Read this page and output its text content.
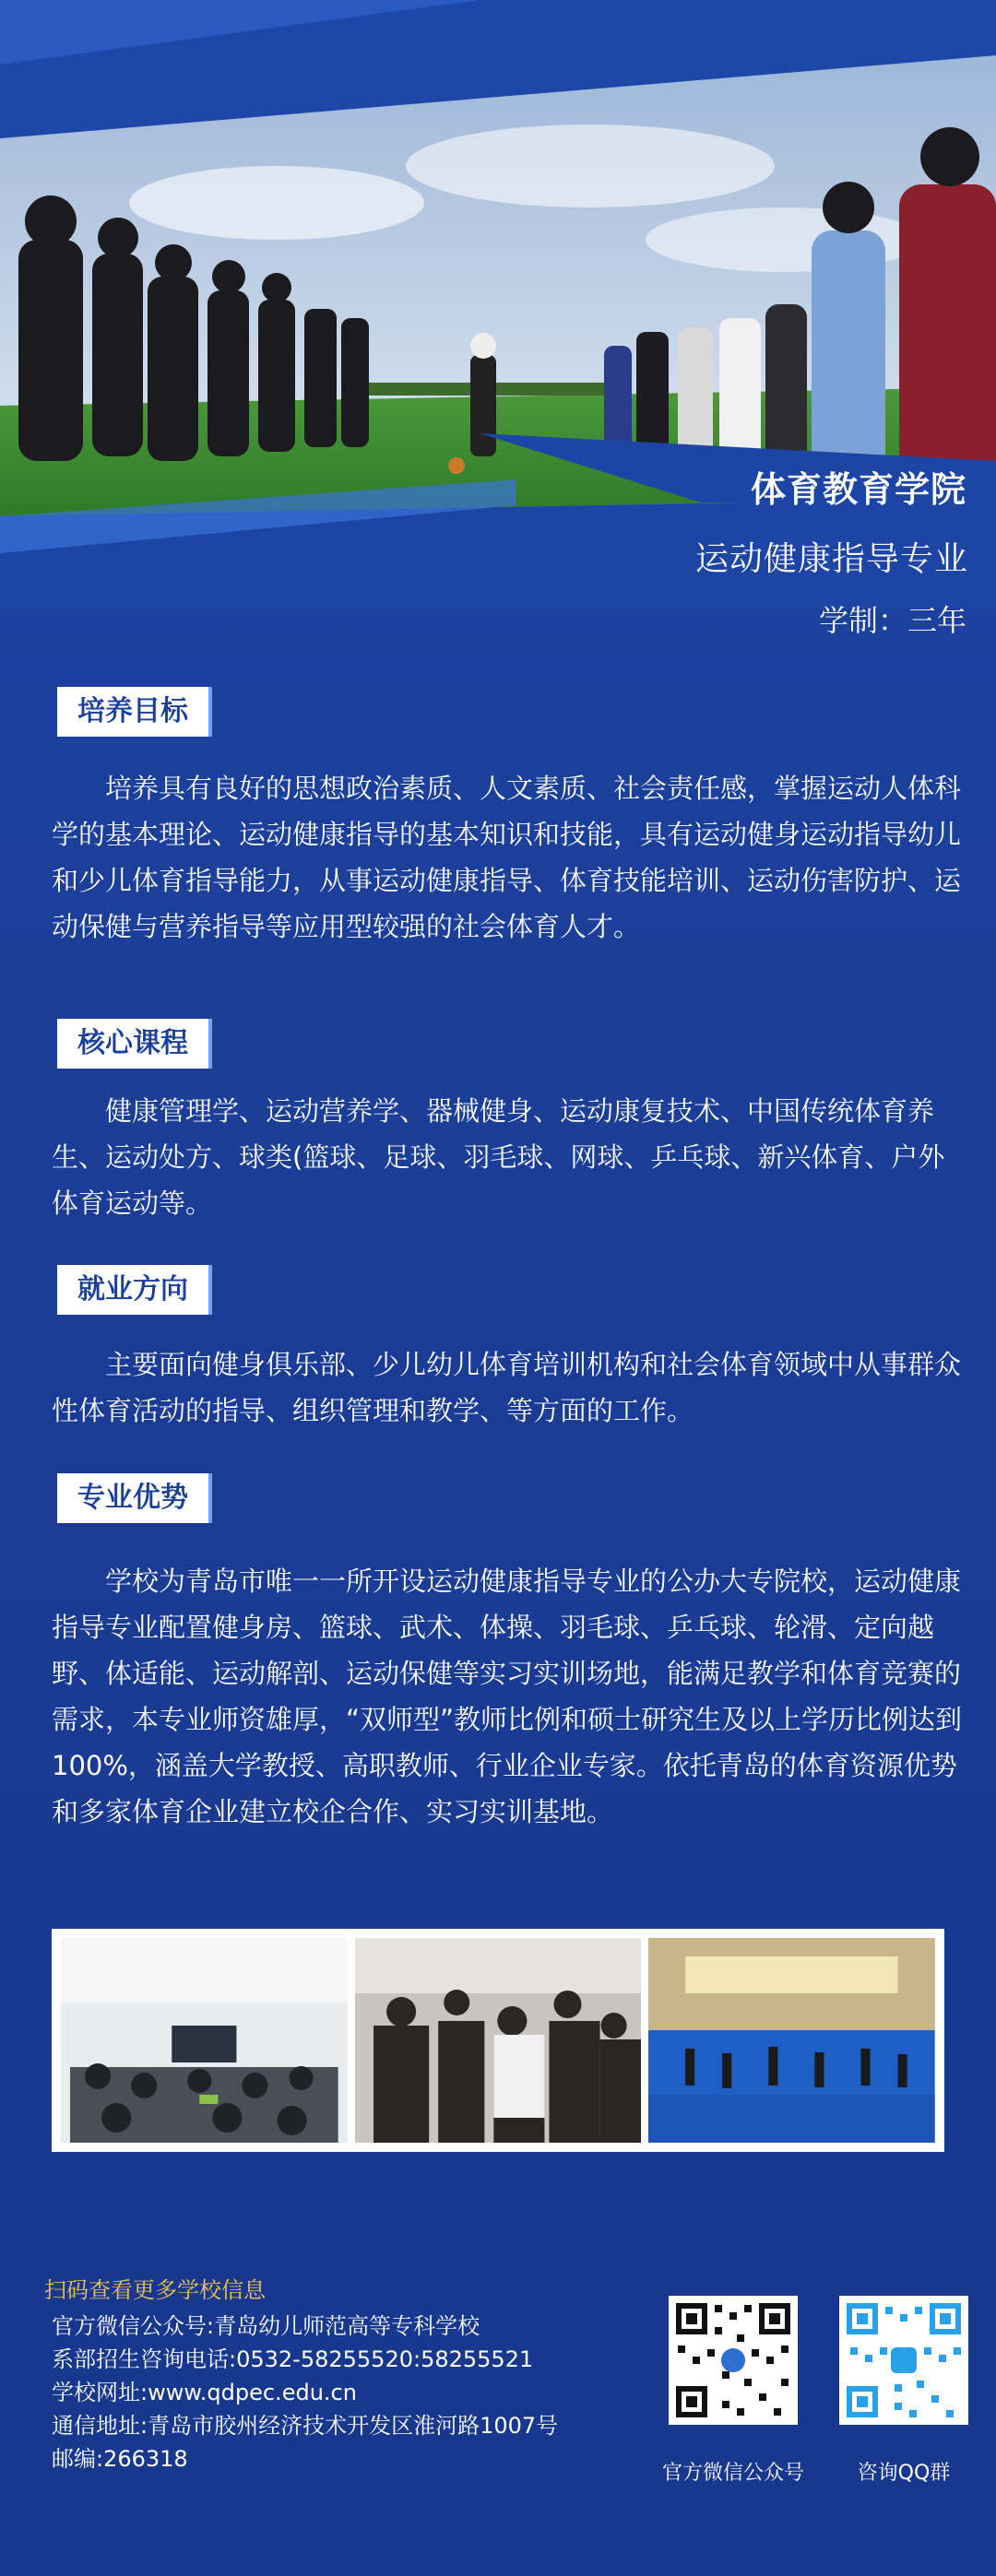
体育教育学院
运动健康指导专业
学制：三年
培养目标

培养具有良好的思想政治素质、人文素质、社会责任感，掌握运动人体科学的基本理论、运动健康指导的基本知识和技能，具有运动健身运动指导幼儿和少儿体育指导能力，从事运动健康指导、体育技能培训、运动伤害防护、运动保健与营养指导等应用型较强的社会体育人才。

核心课程

健康管理学、运动营养学、器械健身、运动康复技术、中国传统体育养生、运动处方、球类(篮球、足球、羽毛球、网球、乒乓球、新兴体育、户外体育运动等。

就业方向

主要面向健身俱乐部、少儿幼儿体育培训机构和社会体育领域中从事群众性体育活动的指导、组织管理和教学、等方面的工作。

专业优势

学校为青岛市唯一一所开设运动健康指导专业的公办大专院校，运动健康指导专业配置健身房、篮球、武术、体操、羽毛球、乒乓球、轮滑、定向越野、体适能、运动解剖、运动保健等实习实训场地，能满足教学和体育竞赛的需求，本专业师资雄厚，“双师型”教师比例和硕士研究生及以上学历比例达到100%，涵盖大学教授、高职教师、行业企业专家。依托青岛的体育资源优势和多家体育企业建立校企合作、实习实训基地。

扫码查看更多学校信息
官方微信公众号:青岛幼儿师范高等专科学校
系部招生咨询电话:0532-58255520:58255521
学校网址:www.qdpec.edu.cn
通信地址:青岛市胶州经济技术开发区淮河路1007号
邮编:266318
官方微信公众号	咨询QQ群
